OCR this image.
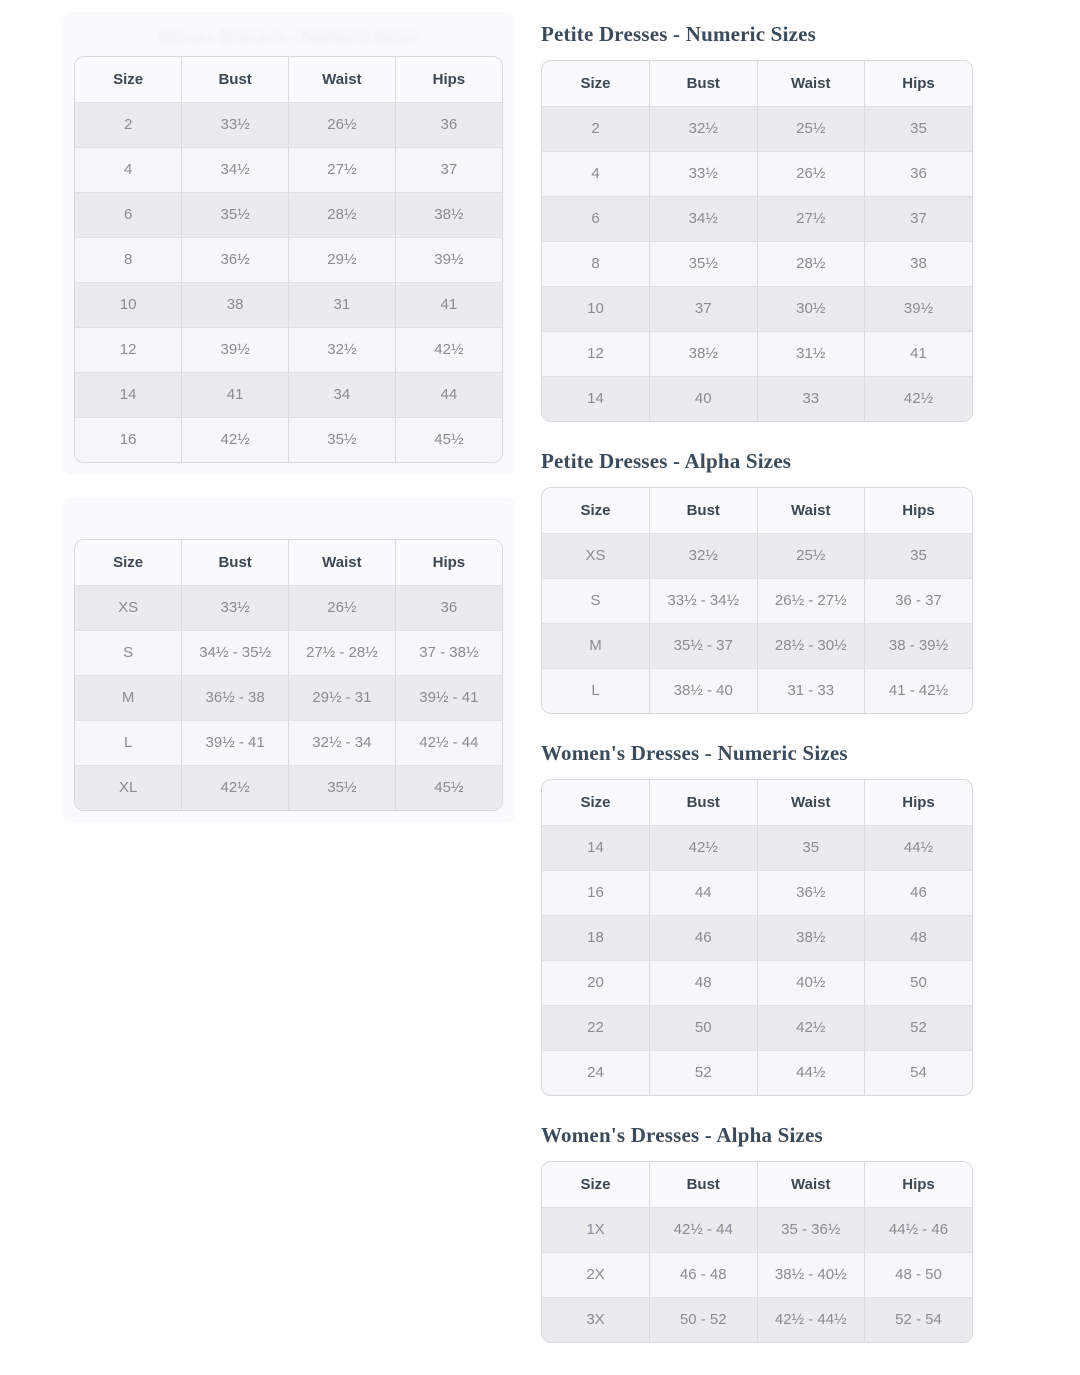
Misses Dresses - Numeric Sizes
Size	Bust	Waist	Hips
2	33½	26½	36
4	34½	27½	37
6	35½	28½	38½
8	36½	29½	39½
10	38	31	41
12	39½	32½	42½
14	41	34	44
16	42½	35½	45½
Size	Bust	Waist	Hips
XS	33½	26½	36
S	34½ - 35½	27½ - 28½	37 - 38½
M	36½ - 38	29½ - 31	39½ - 41
L	39½ - 41	32½ - 34	42½ - 44
XL	42½	35½	45½
Petite Dresses - Numeric Sizes
Size	Bust	Waist	Hips
2	32½	25½	35
4	33½	26½	36
6	34½	27½	37
8	35½	28½	38
10	37	30½	39½
12	38½	31½	41
14	40	33	42½
Petite Dresses - Alpha Sizes
Size	Bust	Waist	Hips
XS	32½	25½	35
S	33½ - 34½	26½ - 27½	36 - 37
M	35½ - 37	28½ - 30½	38 - 39½
L	38½ - 40	31 - 33	41 - 42½
Women's Dresses - Numeric Sizes
Size	Bust	Waist	Hips
14	42½	35	44½
16	44	36½	46
18	46	38½	48
20	48	40½	50
22	50	42½	52
24	52	44½	54
Women's Dresses - Alpha Sizes
Size	Bust	Waist	Hips
1X	42½ - 44	35 - 36½	44½ - 46
2X	46 - 48	38½ - 40½	48 - 50
3X	50 - 52	42½ - 44½	52 - 54
